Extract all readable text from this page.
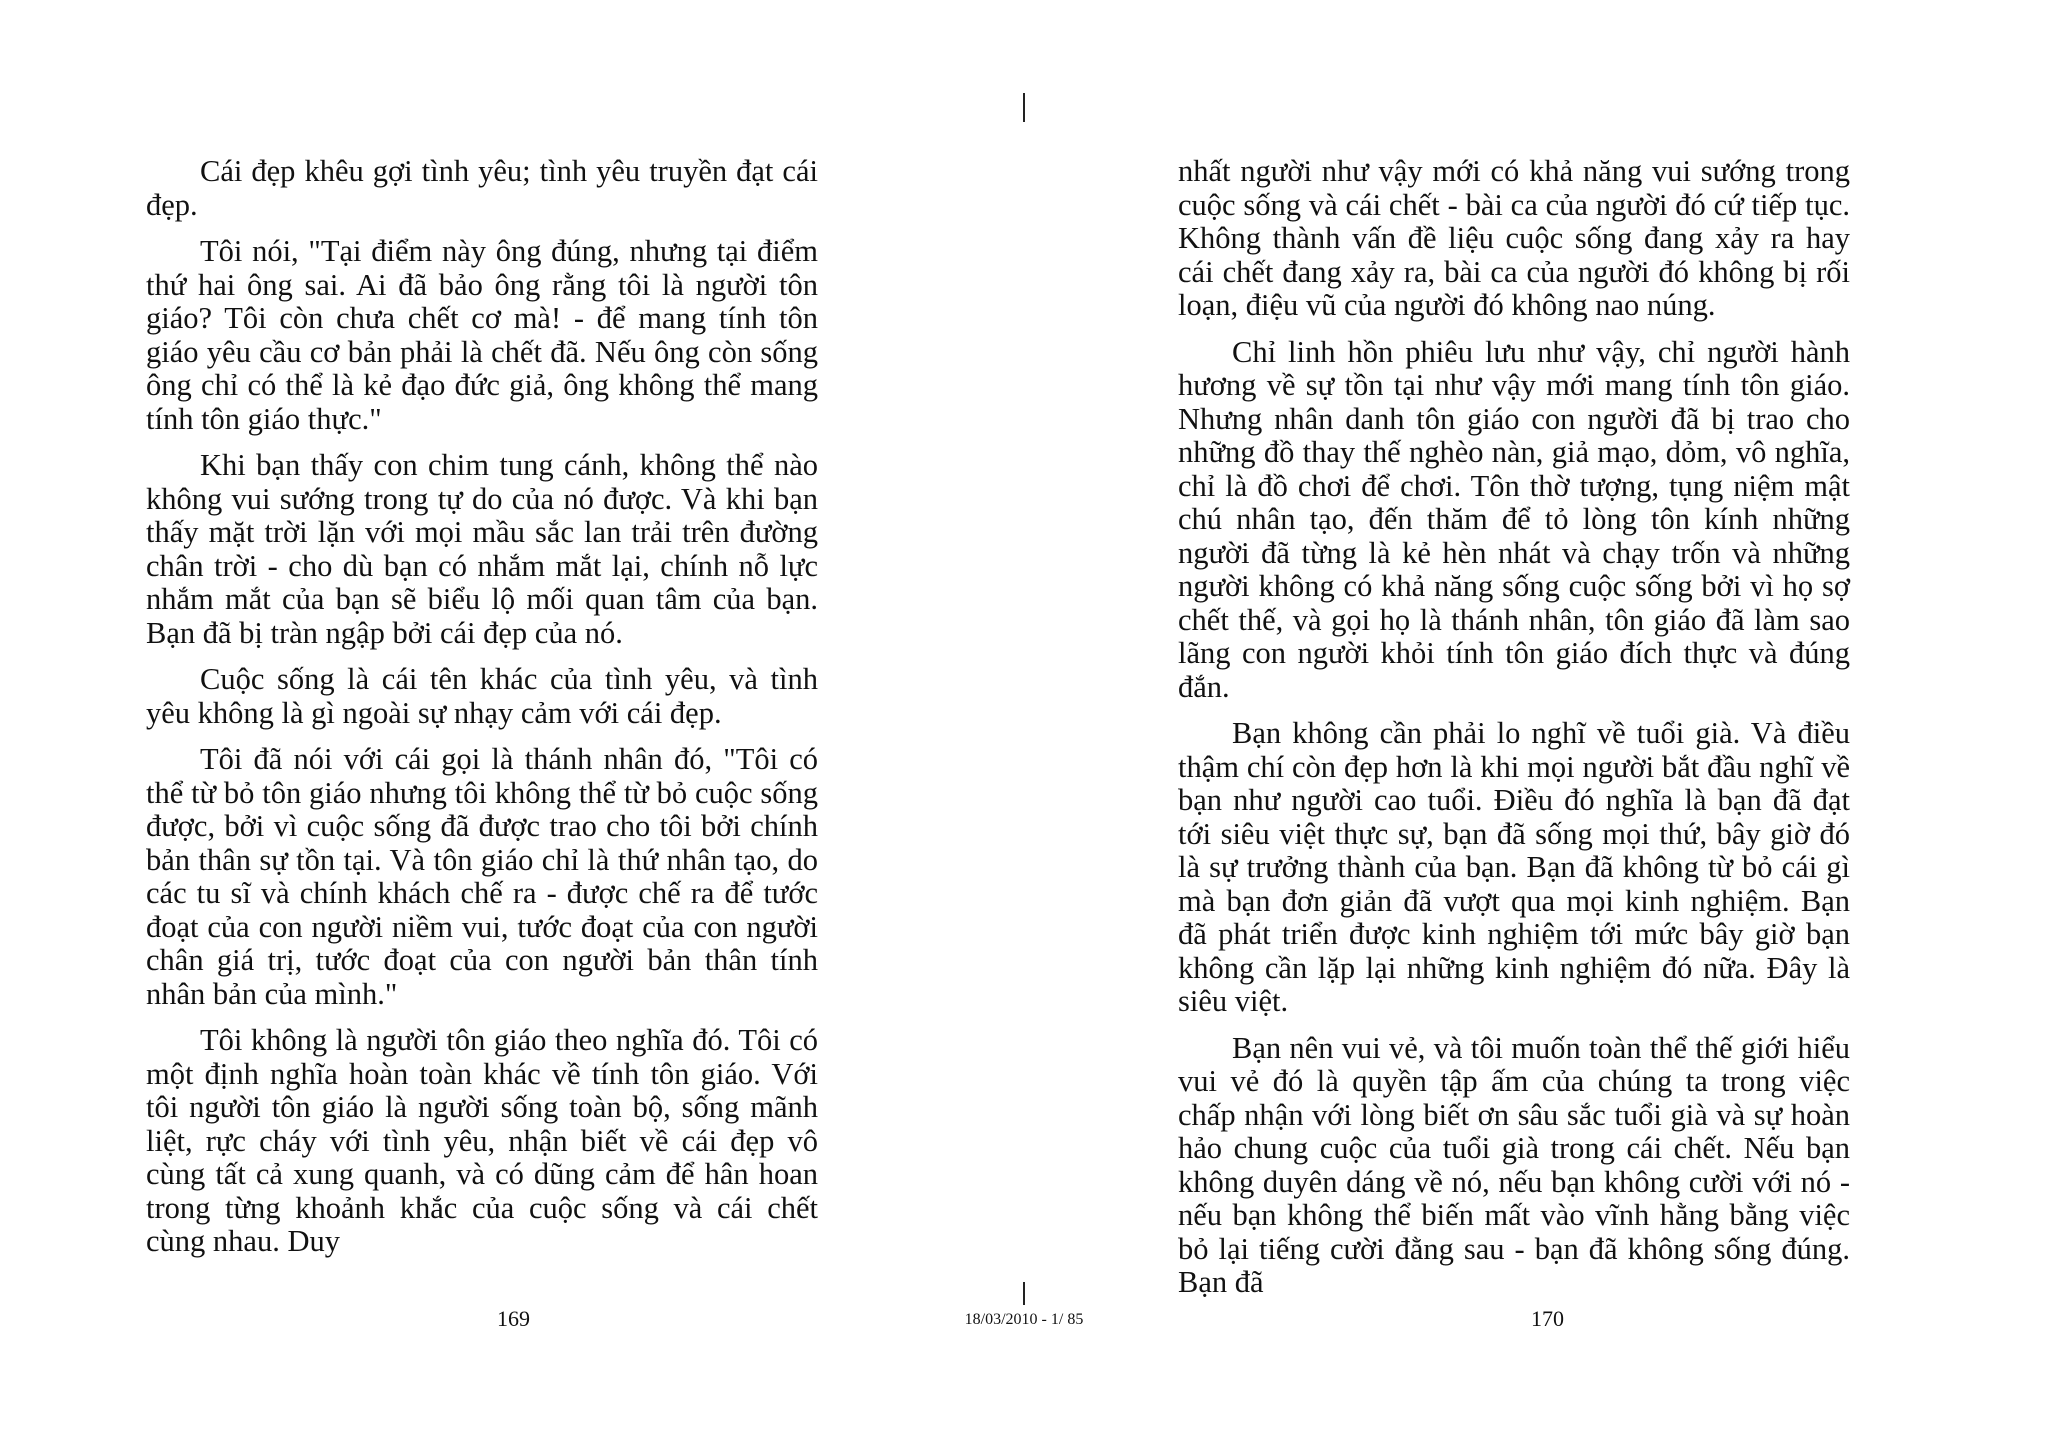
Cái đẹp khêu gợi tình yêu; tình yêu truyền đạt cái đẹp.

Tôi nói, "Tại điểm này ông đúng, nhưng tại điểm thứ hai ông sai. Ai đã bảo ông rằng tôi là người tôn giáo? Tôi còn chưa chết cơ mà! - để mang tính tôn giáo yêu cầu cơ bản phải là chết đã. Nếu ông còn sống ông chỉ có thể là kẻ đạo đức giả, ông không thể mang tính tôn giáo thực."

Khi bạn thấy con chim tung cánh, không thể nào không vui sướng trong tự do của nó được. Và khi bạn thấy mặt trời lặn với mọi mầu sắc lan trải trên đường chân trời - cho dù bạn có nhắm mắt lại, chính nỗ lực nhắm mắt của bạn sẽ biểu lộ mối quan tâm của bạn. Bạn đã bị tràn ngập bởi cái đẹp của nó.

Cuộc sống là cái tên khác của tình yêu, và tình yêu không là gì ngoài sự nhạy cảm với cái đẹp.

Tôi đã nói với cái gọi là thánh nhân đó, "Tôi có thể từ bỏ tôn giáo nhưng tôi không thể từ bỏ cuộc sống được, bởi vì cuộc sống đã được trao cho tôi bởi chính bản thân sự tồn tại. Và tôn giáo chỉ là thứ nhân tạo, do các tu sĩ và chính khách chế ra - được chế ra để tước đoạt của con người niềm vui, tước đoạt của con người chân giá trị, tước đoạt của con người bản thân tính nhân bản của mình."

Tôi không là người tôn giáo theo nghĩa đó. Tôi có một định nghĩa hoàn toàn khác về tính tôn giáo. Với tôi người tôn giáo là người sống toàn bộ, sống mãnh liệt, rực cháy với tình yêu, nhận biết về cái đẹp vô cùng tất cả xung quanh, và có dũng cảm để hân hoan trong từng khoảnh khắc của cuộc sống và cái chết cùng nhau. Duy

nhất người như vậy mới có khả năng vui sướng trong cuộc sống và cái chết - bài ca của người đó cứ tiếp tục. Không thành vấn đề liệu cuộc sống đang xảy ra hay cái chết đang xảy ra, bài ca của người đó không bị rối loạn, điệu vũ của người đó không nao núng.

Chỉ linh hồn phiêu lưu như vậy, chỉ người hành hương về sự tồn tại như vậy mới mang tính tôn giáo. Nhưng nhân danh tôn giáo con người đã bị trao cho những đồ thay thế nghèo nàn, giả mạo, dỏm, vô nghĩa, chỉ là đồ chơi để chơi. Tôn thờ tượng, tụng niệm mật chú nhân tạo, đến thăm để tỏ lòng tôn kính những người đã từng là kẻ hèn nhát và chạy trốn và những người không có khả năng sống cuộc sống bởi vì họ sợ chết thế, và gọi họ là thánh nhân, tôn giáo đã làm sao lãng con người khỏi tính tôn giáo đích thực và đúng đắn.

Bạn không cần phải lo nghĩ về tuổi già. Và điều thậm chí còn đẹp hơn là khi mọi người bắt đầu nghĩ về bạn như người cao tuổi. Điều đó nghĩa là bạn đã đạt tới siêu việt thực sự, bạn đã sống mọi thứ, bây giờ đó là sự trưởng thành của bạn. Bạn đã không từ bỏ cái gì mà bạn đơn giản đã vượt qua mọi kinh nghiệm. Bạn đã phát triển được kinh nghiệm tới mức bây giờ bạn không cần lặp lại những kinh nghiệm đó nữa. Đây là siêu việt.

Bạn nên vui vẻ, và tôi muốn toàn thể thế giới hiểu vui vẻ đó là quyền tập ấm của chúng ta trong việc chấp nhận với lòng biết ơn sâu sắc tuổi già và sự hoàn hảo chung cuộc của tuổi già trong cái chết. Nếu bạn không duyên dáng về nó, nếu bạn không cười với nó - nếu bạn không thể biến mất vào vĩnh hằng bằng việc bỏ lại tiếng cười đằng sau - bạn đã không sống đúng. Bạn đã

169	18/03/2010 - 1/ 85	170
